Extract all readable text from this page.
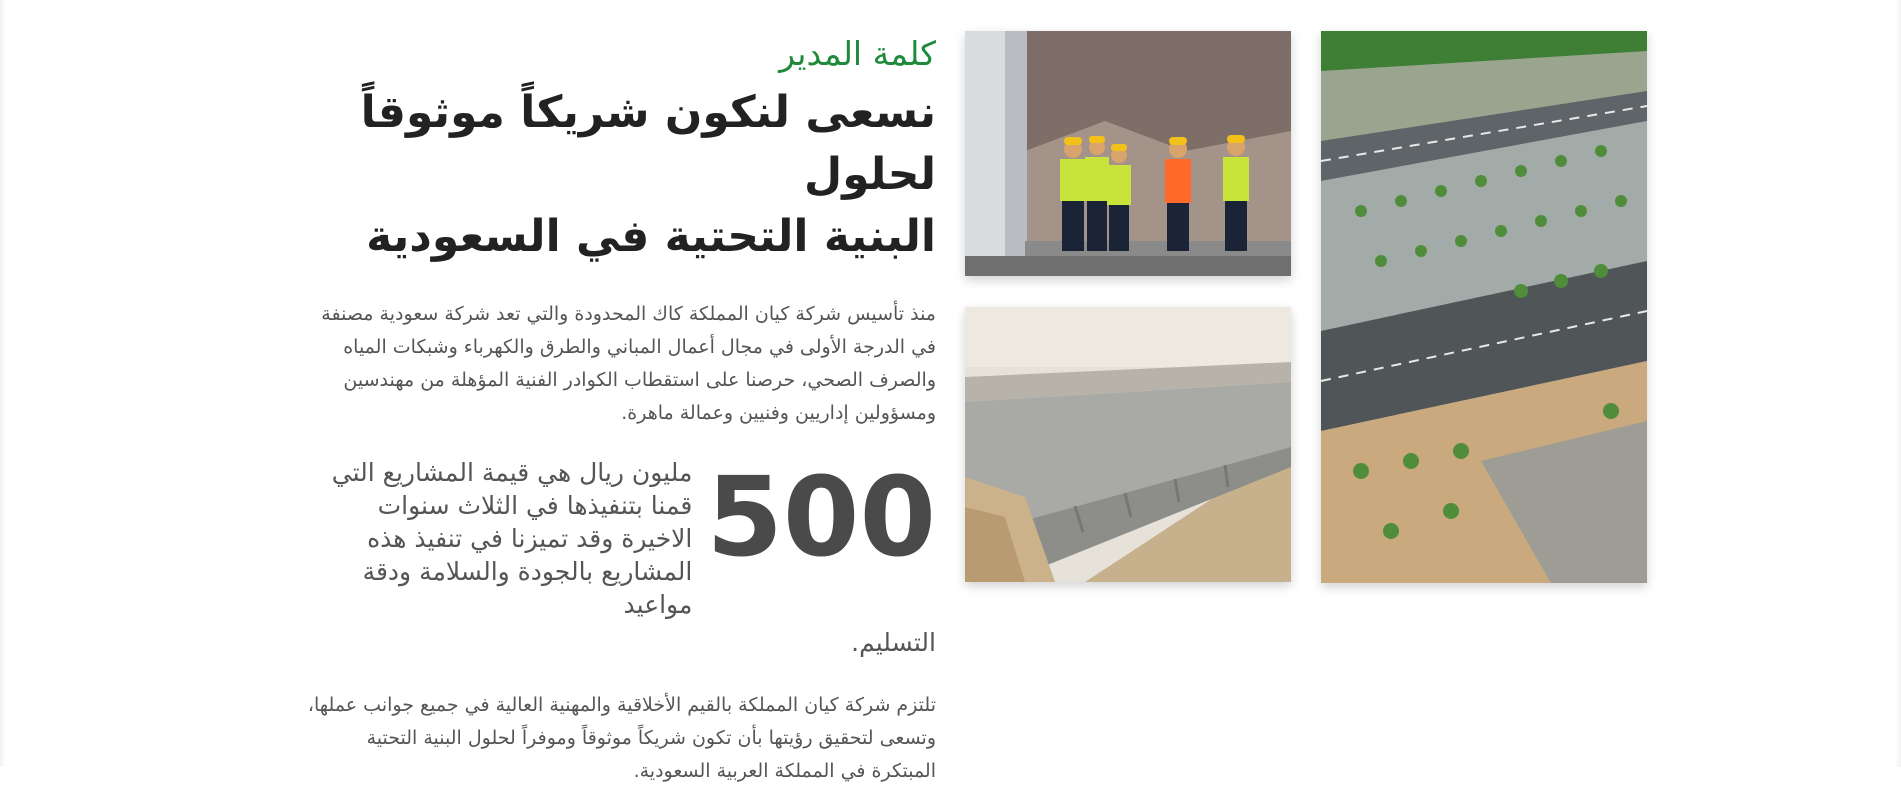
كلمة المدير
نسعى لنكون شريكاً موثوقاً لحلول
البنية التحتية في السعودية

منذ تأسيس شركة كيان المملكة كاك المحدودة والتي تعد شركة سعودية مصنفة في الدرجة الأولى في مجال أعمال المباني والطرق والكهرباء وشبكات المياه والصرف الصحي، حرصنا على استقطاب الكوادر الفنية المؤهلة من مهندسين ومسؤولين إداريين وفنيين وعمالة ماهرة.

500
مليون ريال هي قيمة المشاريع التي قمنا بتنفيذها في الثلاث سنوات الاخيرة وقد تميزنا في تنفيذ هذه المشاريع بالجودة والسلامة ودقة مواعيد
التسليم.

تلتزم شركة كيان المملكة بالقيم الأخلاقية والمهنية العالية في جميع جوانب عملها، وتسعى لتحقيق رؤيتها بأن تكون شريكاً موثوقاً وموفراً لحلول البنية التحتية المبتكرة في المملكة العربية السعودية.
